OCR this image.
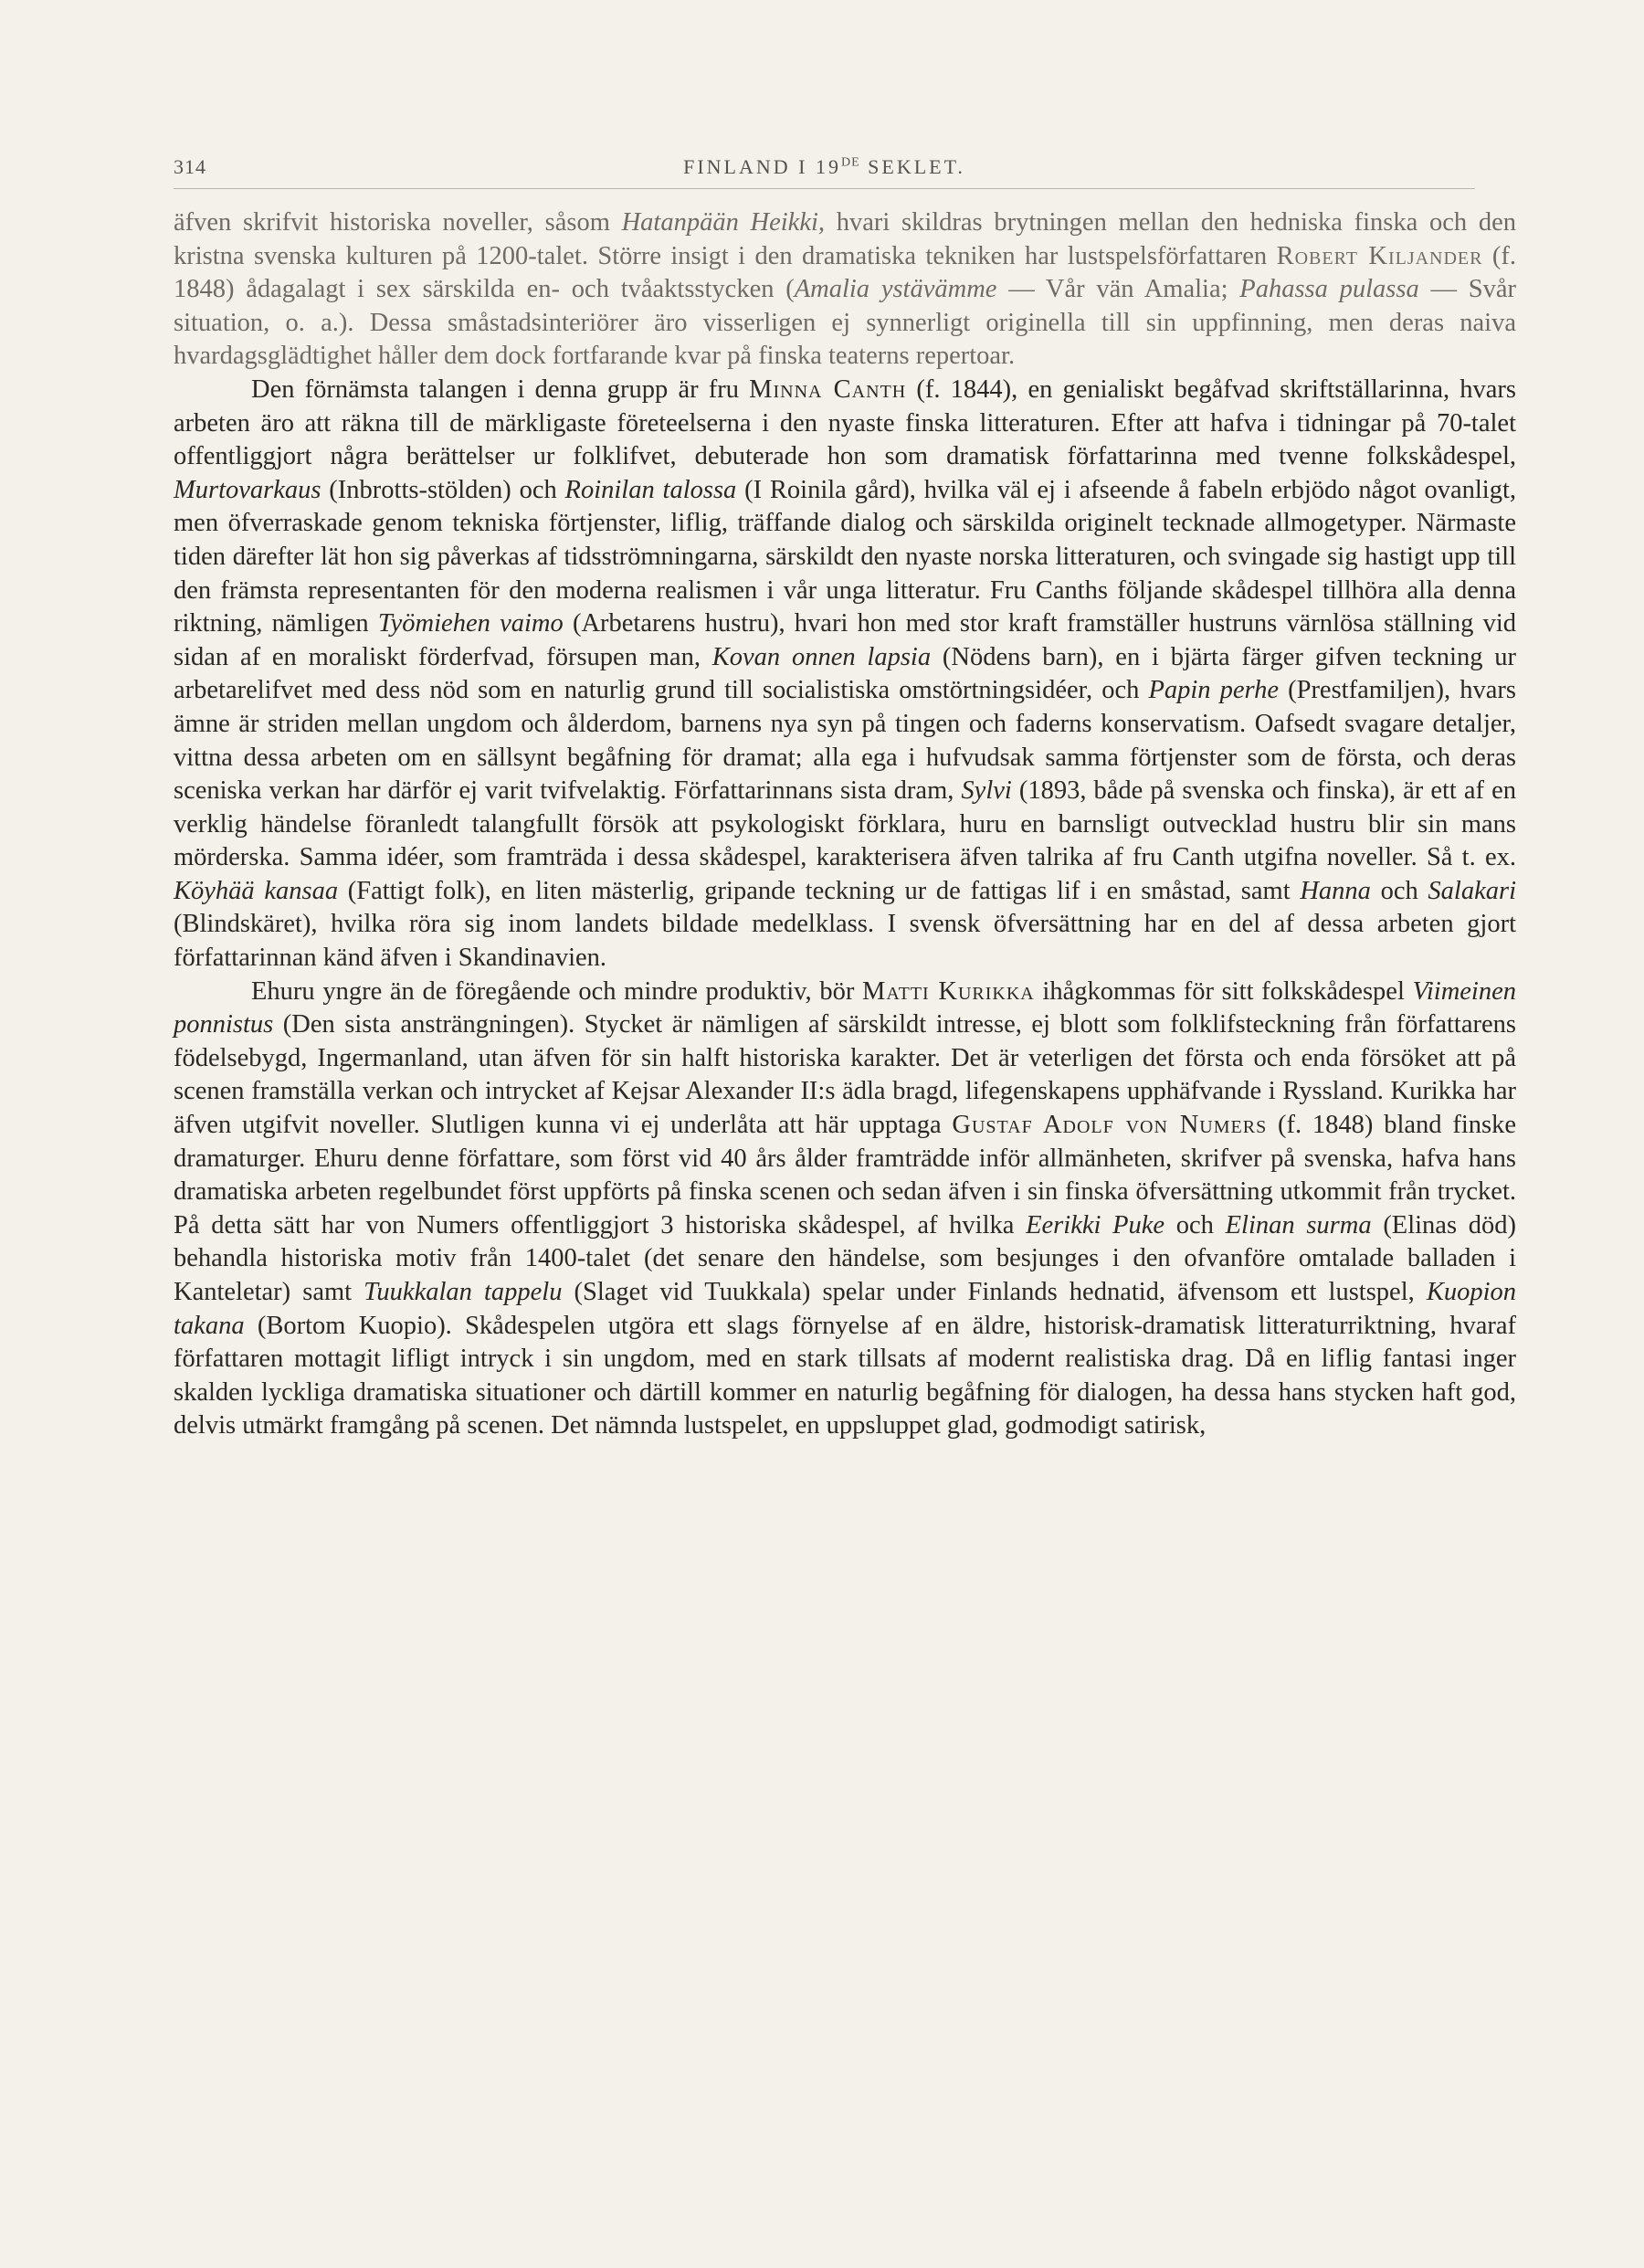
314	FINLAND I 19DE SEKLET.

äfven skrifvit historiska noveller, såsom Hatanpään Heikki, hvari skildras brytningen mellan den hedniska finska och den kristna svenska kulturen på 1200-talet. Större insigt i den dramatiska tekniken har lustspelsförfattaren Robert Kiljander (f. 1848) ådagalagt i sex särskilda en- och tvåaktsstycken (Amalia ystävämme — Vår vän Amalia; Pahassa pulassa — Svår situation, o. a.). Dessa småstadsinteriörer äro visserligen ej synnerligt originella till sin uppfinning, men deras naiva hvardagsglädtighet håller dem dock fortfarande kvar på finska teaterns repertoar.

Den förnämsta talangen i denna grupp är fru Minna Canth (f. 1844), en genialiskt begåfvad skriftställarinna, hvars arbeten äro att räkna till de märkligaste företeelserna i den nyaste finska litteraturen. Efter att hafva i tidningar på 70-talet offentliggjort några berättelser ur folklifvet, debuterade hon som dramatisk författarinna med tvenne folkskådespel, Murtovarkaus (Inbrotts-stölden) och Roinilan talossa (I Roinila gård), hvilka väl ej i afseende å fabeln erbjödo något ovanligt, men öfverraskade genom tekniska förtjenster, liflig, träffande dialog och särskilda originelt tecknade allmogetyper. Närmaste tiden därefter lät hon sig påverkas af tidsströmningarna, särskildt den nyaste norska litteraturen, och svingade sig hastigt upp till den främsta representanten för den moderna realismen i vår unga litteratur. Fru Canths följande skådespel tillhöra alla denna riktning, nämligen Työmiehen vaimo (Arbetarens hustru), hvari hon med stor kraft framställer hustruns värnlösa ställning vid sidan af en moraliskt förderfvad, försupen man, Kovan onnen lapsia (Nödens barn), en i bjärta färger gifven teckning ur arbetarelifvet med dess nöd som en naturlig grund till socialistiska omstörtningsidéer, och Papin perhe (Prestfamiljen), hvars ämne är striden mellan ungdom och ålderdom, barnens nya syn på tingen och faderns konservatism. Oafsedt svagare detaljer, vittna dessa arbeten om en sällsynt begåfning för dramat; alla ega i hufvudsak samma förtjenster som de första, och deras sceniska verkan har därför ej varit tvifvelaktig. Författarinnans sista dram, Sylvi (1893, både på svenska och finska), är ett af en verklig händelse föranledt talangfullt försök att psykologiskt förklara, huru en barnsligt outvecklad hustru blir sin mans mörderska. Samma idéer, som framträda i dessa skådespel, karakterisera äfven talrika af fru Canth utgifna noveller. Så t. ex. Köyhää kansaa (Fattigt folk), en liten mästerlig, gripande teckning ur de fattigas lif i en småstad, samt Hanna och Salakari (Blindskäret), hvilka röra sig inom landets bildade medelklass. I svensk öfversättning har en del af dessa arbeten gjort författarinnan känd äfven i Skandinavien.

Ehuru yngre än de föregående och mindre produktiv, bör Matti Kurikka ihågkommas för sitt folkskådespel Viimeinen ponnistus (Den sista ansträngningen). Stycket är nämligen af särskildt intresse, ej blott som folklifsteckning från författarens födelsebygd, Ingermanland, utan äfven för sin halft historiska karakter. Det är veterligen det första och enda försöket att på scenen framställa verkan och intrycket af Kejsar Alexander II:s ädla bragd, lifegenskapens upphäfvande i Ryssland. Kurikka har äfven utgifvit noveller. Slutligen kunna vi ej underlåta att här upptaga Gustaf Adolf von Numers (f. 1848) bland finske dramaturger. Ehuru denne författare, som först vid 40 års ålder framträdde inför allmänheten, skrifver på svenska, hafva hans dramatiska arbeten regelbundet först uppförts på finska scenen och sedan äfven i sin finska öfversättning utkommit från trycket. På detta sätt har von Numers offentliggjort 3 historiska skådespel, af hvilka Eerikki Puke och Elinan surma (Elinas död) behandla historiska motiv från 1400-talet (det senare den händelse, som besjunges i den ofvanföre omtalade balladen i Kanteletar) samt Tuukkalan tappelu (Slaget vid Tuukkala) spelar under Finlands hednatid, äfvensom ett lustspel, Kuopion takana (Bortom Kuopio). Skådespelen utgöra ett slags förnyelse af en äldre, historisk-dramatisk litteraturriktning, hvaraf författaren mottagit lifligt intryck i sin ungdom, med en stark tillsats af modernt realistiska drag. Då en liflig fantasi inger skalden lyckliga dramatiska situationer och därtill kommer en naturlig begåfning för dialogen, ha dessa hans stycken haft god, delvis utmärkt framgång på scenen. Det nämnda lustspelet, en uppsluppet glad, godmodigt satirisk,
